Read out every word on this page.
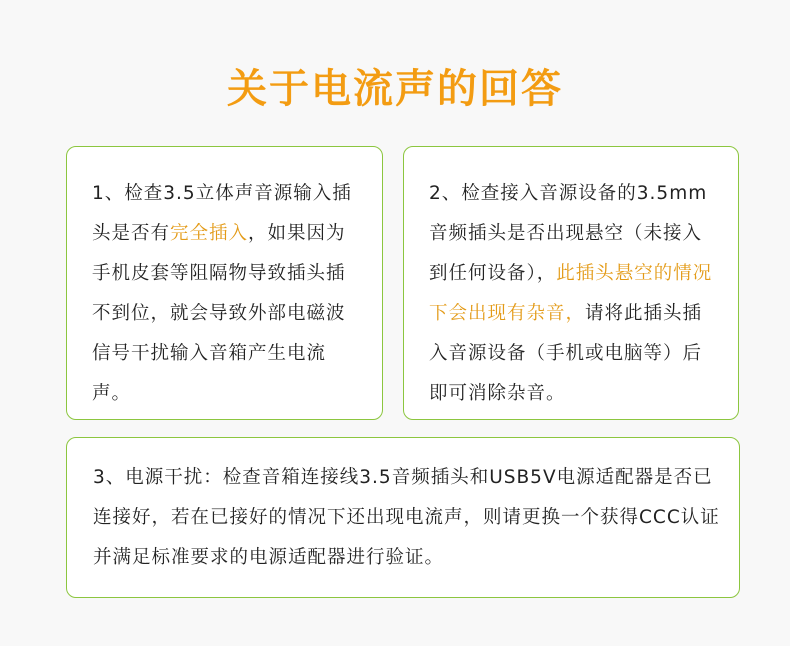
关于电流声的回答

1、检查3.5立体声音源输入插头是否有完全插入，如果因为手机皮套等阻隔物导致插头插不到位，就会导致外部电磁波信号干扰输入音箱产生电流声。

2、检查接入音源设备的3.5mm音频插头是否出现悬空（未接入到任何设备），此插头悬空的情况下会出现有杂音，请将此插头插入音源设备（手机或电脑等）后即可消除杂音。

3、电源干扰：检查音箱连接线3.5音频插头和USB5V电源适配器是否已连接好，若在已接好的情况下还出现电流声，则请更换一个获得CCC认证并满足标准要求的电源适配器进行验证。
